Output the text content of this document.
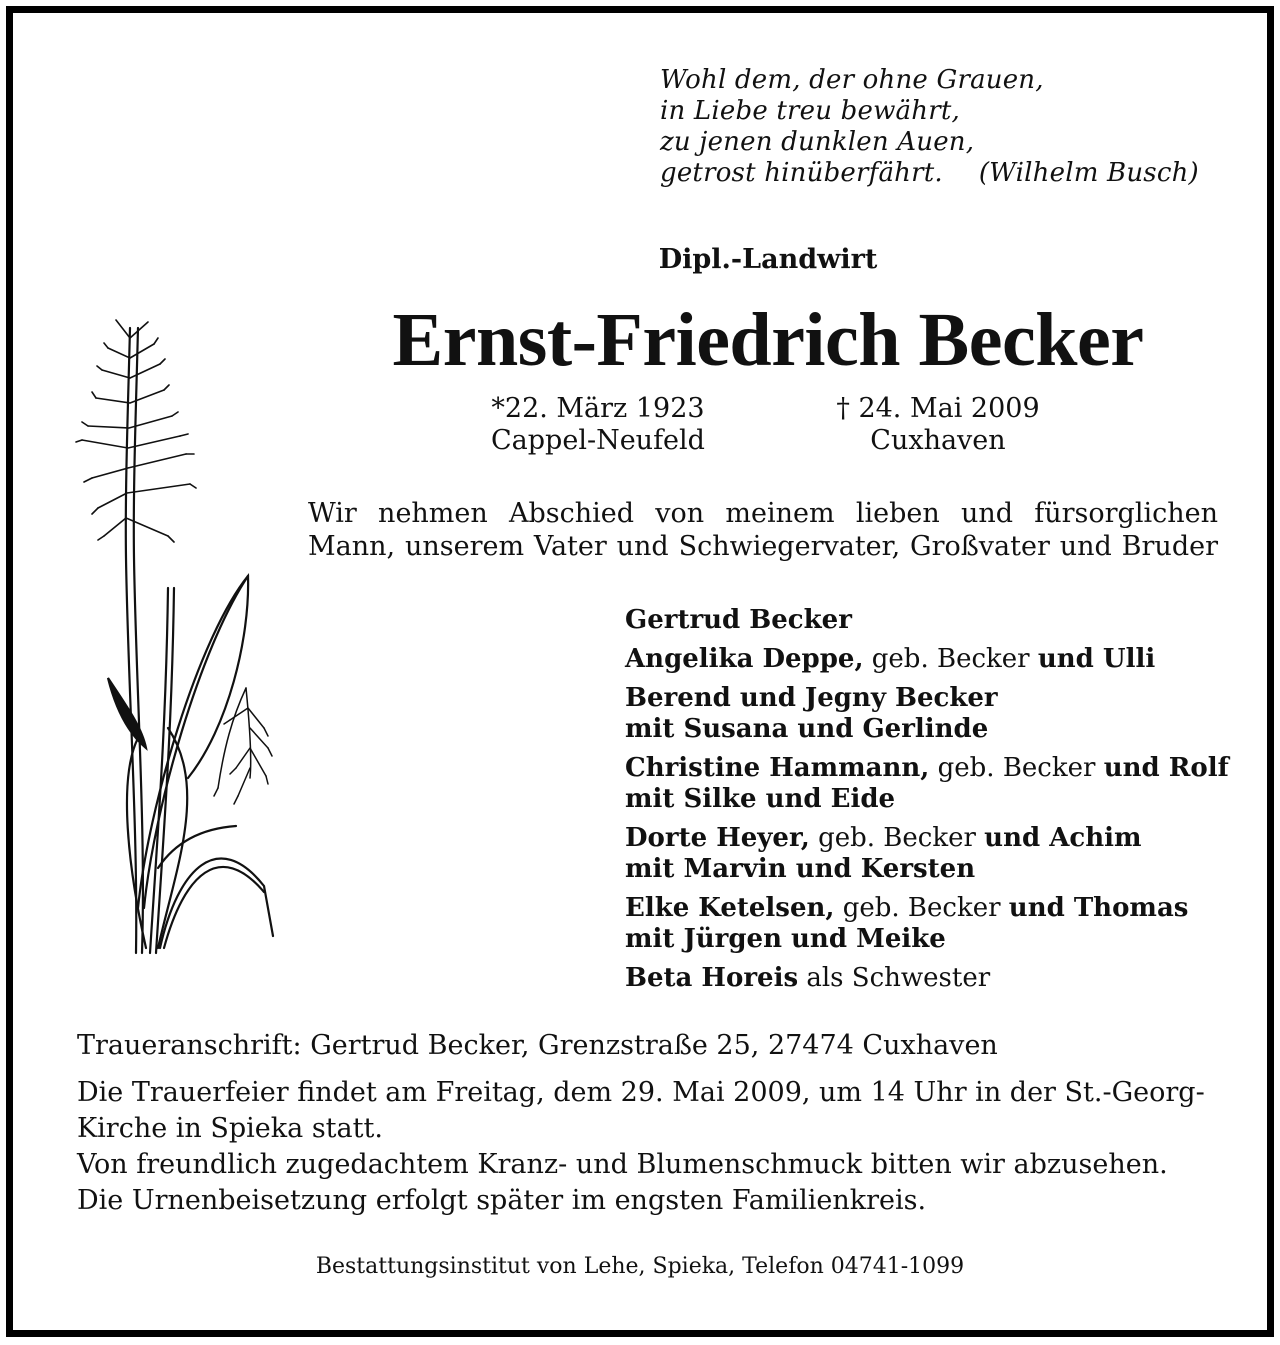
Wohl dem, der ohne Grauen,
in Liebe treu bewährt,
zu jenen dunklen Auen,
getrost hinüberfährt. (Wilhelm Busch)
Dipl.-Landwirt
Ernst-Friedrich Becker
*22. März 1923
Cappel-Neufeld
† 24. Mai 2009
Cuxhaven
Wir nehmen Abschied von meinem lieben und fürsorglichen
Mann, unserem Vater und Schwiegervater, Großvater und Bruder
Gertrud Becker
Angelika Deppe, geb. Becker und Ulli
Berend und Jegny Becker
mit Susana und Gerlinde
Christine Hammann, geb. Becker und Rolf
mit Silke und Eide
Dorte Heyer, geb. Becker und Achim
mit Marvin und Kersten
Elke Ketelsen, geb. Becker und Thomas
mit Jürgen und Meike
Beta Horeis als Schwester
Traueranschrift: Gertrud Becker, Grenzstraße 25, 27474 Cuxhaven
Die Trauerfeier findet am Freitag, dem 29. Mai 2009, um 14 Uhr in der St.-Georg-
Kirche in Spieka statt.
Von freundlich zugedachtem Kranz- und Blumenschmuck bitten wir abzusehen.
Die Urnenbeisetzung erfolgt später im engsten Familienkreis.
Bestattungsinstitut von Lehe, Spieka, Telefon 04741-1099
